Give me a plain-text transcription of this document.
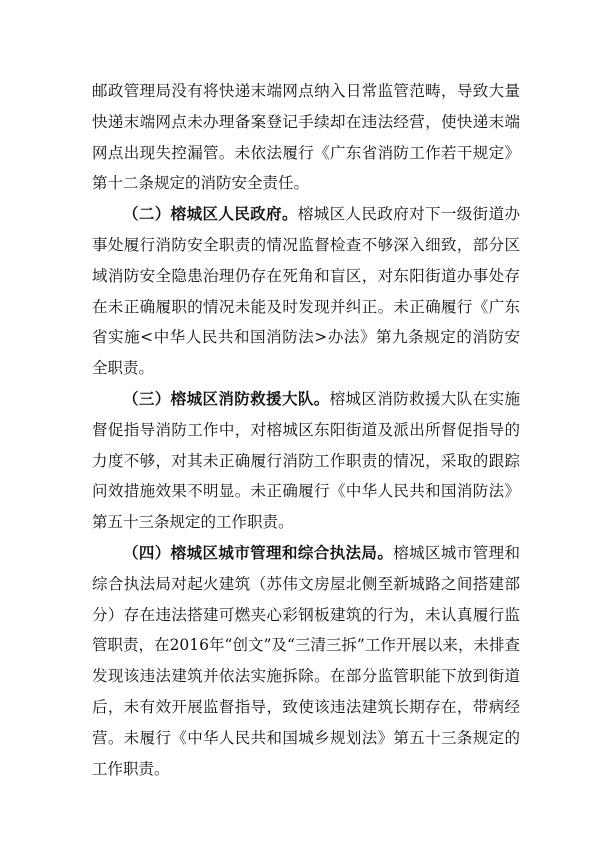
邮政管理局没有将快递末端网点纳入日常监管范畴，导致大量快递末端网点未办理备案登记手续却在违法经营，使快递末端网点出现失控漏管。未依法履行《广东省消防工作若干规定》第十二条规定的消防安全责任。

（二）榕城区人民政府。榕城区人民政府对下一级街道办事处履行消防安全职责的情况监督检查不够深入细致，部分区域消防安全隐患治理仍存在死角和盲区，对东阳街道办事处存在未正确履职的情况未能及时发现并纠正。未正确履行《广东省实施<中华人民共和国消防法>办法》第九条规定的消防安全职责。

（三）榕城区消防救援大队。榕城区消防救援大队在实施督促指导消防工作中，对榕城区东阳街道及派出所督促指导的力度不够，对其未正确履行消防工作职责的情况，采取的跟踪问效措施效果不明显。未正确履行《中华人民共和国消防法》第五十三条规定的工作职责。

（四）榕城区城市管理和综合执法局。榕城区城市管理和综合执法局对起火建筑（苏伟文房屋北侧至新城路之间搭建部分）存在违法搭建可燃夹心彩钢板建筑的行为，未认真履行监管职责，在2016年“创文”及“三清三拆”工作开展以来，未排查发现该违法建筑并依法实施拆除。在部分监管职能下放到街道后，未有效开展监督指导，致使该违法建筑长期存在，带病经营。未履行《中华人民共和国城乡规划法》第五十三条规定的工作职责。
